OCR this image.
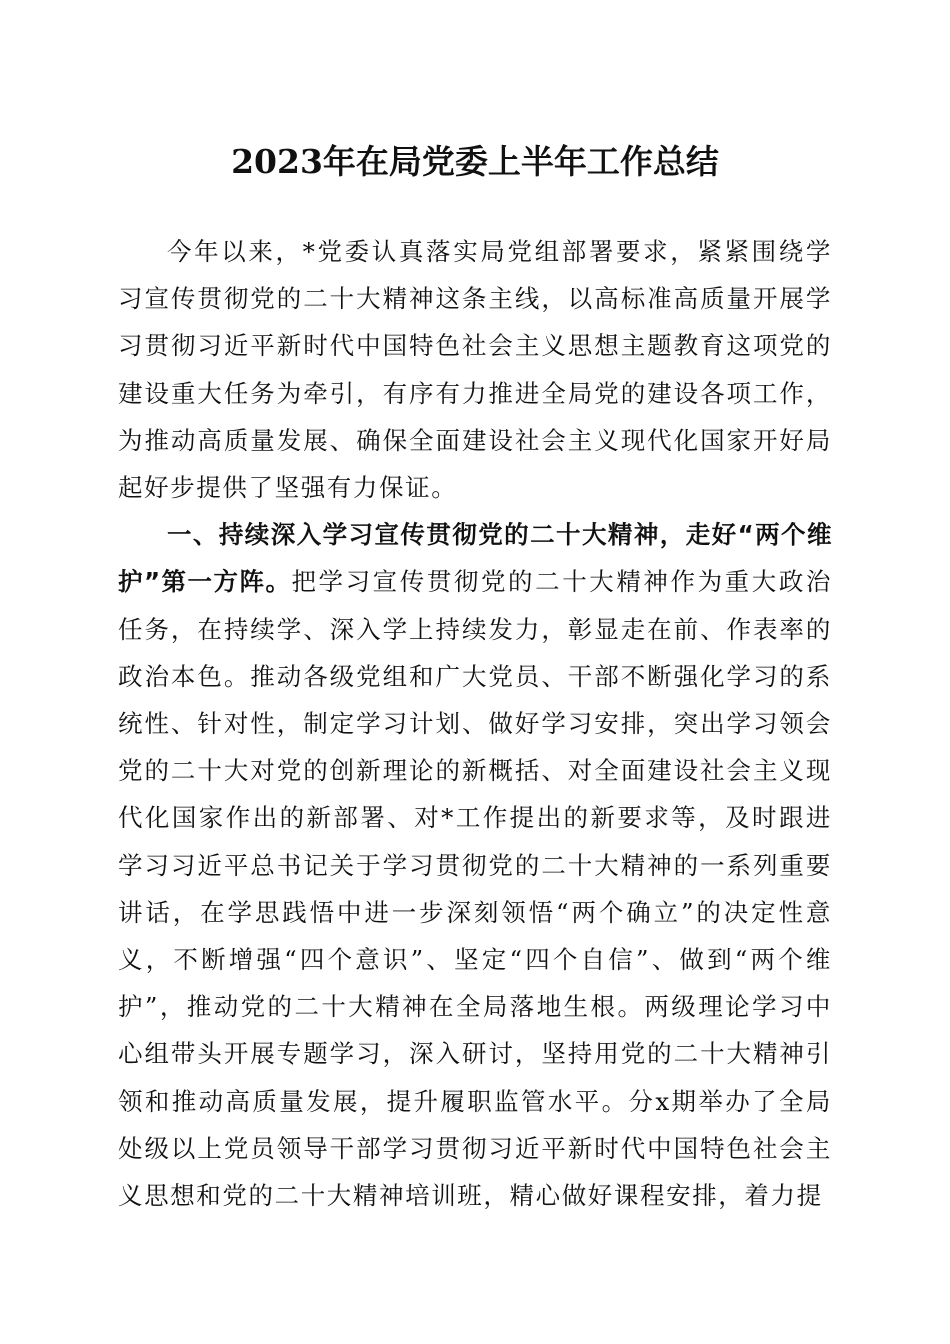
2023年在局党委上半年工作总结

今年以来，*党委认真落实局党组部署要求，紧紧围绕学习宣传贯彻党的二十大精神这条主线，以高标准高质量开展学习贯彻习近平新时代中国特色社会主义思想主题教育这项党的建设重大任务为牵引，有序有力推进全局党的建设各项工作，为推动高质量发展、确保全面建设社会主义现代化国家开好局起好步提供了坚强有力保证。

一、持续深入学习宣传贯彻党的二十大精神，走好“两个维护”第一方阵。把学习宣传贯彻党的二十大精神作为重大政治任务，在持续学、深入学上持续发力，彰显走在前、作表率的政治本色。推动各级党组和广大党员、干部不断强化学习的系统性、针对性，制定学习计划、做好学习安排，突出学习领会党的二十大对党的创新理论的新概括、对全面建设社会主义现代化国家作出的新部署、对*工作提出的新要求等，及时跟进学习习近平总书记关于学习贯彻党的二十大精神的一系列重要讲话，在学思践悟中进一步深刻领悟“两个确立”的决定性意义，不断增强“四个意识”、坚定“四个自信”、做到“两个维护”，推动党的二十大精神在全局落地生根。两级理论学习中心组带头开展专题学习，深入研讨，坚持用党的二十大精神引领和推动高质量发展，提升履职监管水平。分x期举办了全局处级以上党员领导干部学习贯彻习近平新时代中国特色社会主义思想和党的二十大精神培训班，精心做好课程安排，着力提
